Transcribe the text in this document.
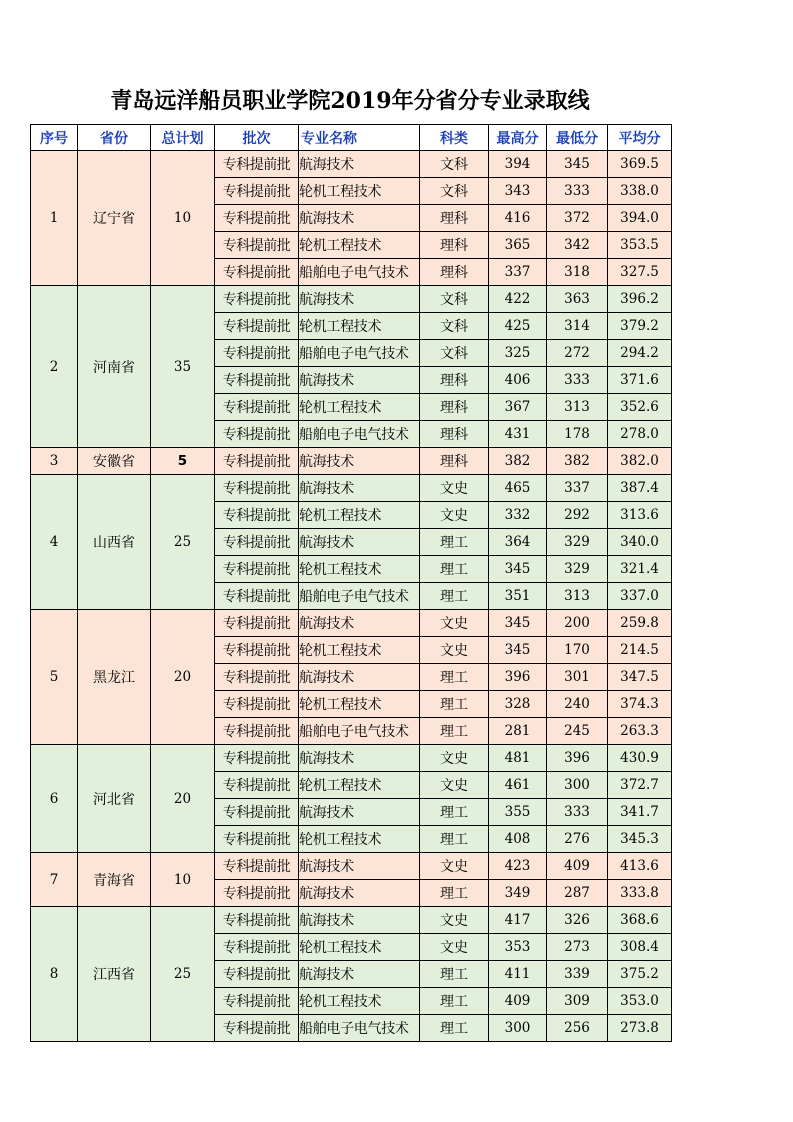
青岛远洋船员职业学院2019年分省分专业录取线
序号	省份	总计划	批次	专业名称	科类	最高分	最低分	平均分
1	辽宁省	10	专科提前批	航海技术	文科	394	345	369.5
			专科提前批	轮机工程技术	文科	343	333	338.0
			专科提前批	航海技术	理科	416	372	394.0
			专科提前批	轮机工程技术	理科	365	342	353.5
			专科提前批	船舶电子电气技术	理科	337	318	327.5
2	河南省	35	专科提前批	航海技术	文科	422	363	396.2
			专科提前批	轮机工程技术	文科	425	314	379.2
			专科提前批	船舶电子电气技术	文科	325	272	294.2
			专科提前批	航海技术	理科	406	333	371.6
			专科提前批	轮机工程技术	理科	367	313	352.6
			专科提前批	船舶电子电气技术	理科	431	178	278.0
3	安徽省	5	专科提前批	航海技术	理科	382	382	382.0
4	山西省	25	专科提前批	航海技术	文史	465	337	387.4
			专科提前批	轮机工程技术	文史	332	292	313.6
			专科提前批	航海技术	理工	364	329	340.0
			专科提前批	轮机工程技术	理工	345	329	321.4
			专科提前批	船舶电子电气技术	理工	351	313	337.0
5	黑龙江	20	专科提前批	航海技术	文史	345	200	259.8
			专科提前批	轮机工程技术	文史	345	170	214.5
			专科提前批	航海技术	理工	396	301	347.5
			专科提前批	轮机工程技术	理工	328	240	374.3
			专科提前批	船舶电子电气技术	理工	281	245	263.3
6	河北省	20	专科提前批	航海技术	文史	481	396	430.9
			专科提前批	轮机工程技术	文史	461	300	372.7
			专科提前批	航海技术	理工	355	333	341.7
			专科提前批	轮机工程技术	理工	408	276	345.3
7	青海省	10	专科提前批	航海技术	文史	423	409	413.6
			专科提前批	航海技术	理工	349	287	333.8
8	江西省	25	专科提前批	航海技术	文史	417	326	368.6
			专科提前批	轮机工程技术	文史	353	273	308.4
			专科提前批	航海技术	理工	411	339	375.2
			专科提前批	轮机工程技术	理工	409	309	353.0
			专科提前批	船舶电子电气技术	理工	300	256	273.8
